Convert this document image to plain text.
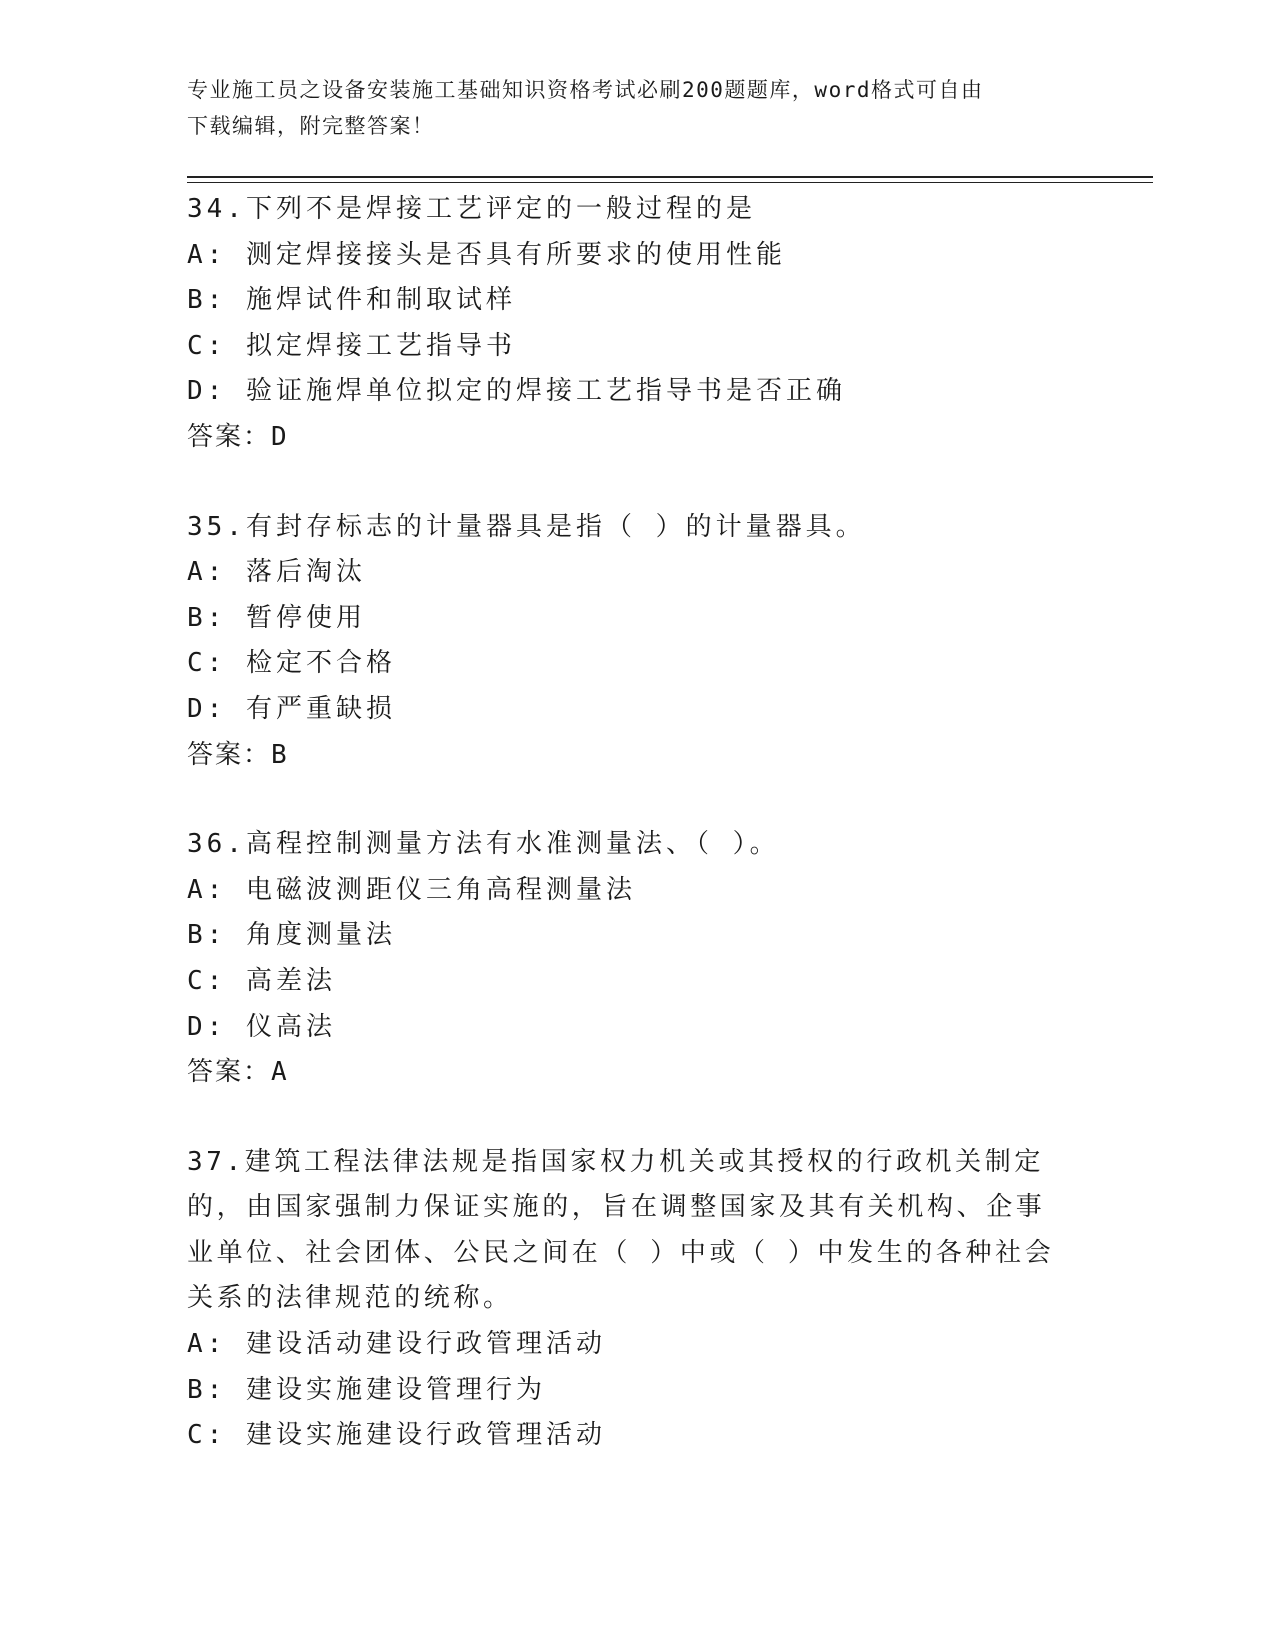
专业施工员之设备安装施工基础知识资格考试必刷200题题库，word格式可自由
下载编辑，附完整答案！
34.下列不是焊接工艺评定的一般过程的是
A: 测定焊接接头是否具有所要求的使用性能
B: 施焊试件和制取试样
C: 拟定焊接工艺指导书
D: 验证施焊单位拟定的焊接工艺指导书是否正确
答案：D
35.有封存标志的计量器具是指（ ）的计量器具。
A: 落后淘汰
B: 暂停使用
C: 检定不合格
D: 有严重缺损
答案：B
36.高程控制测量方法有水准测量法、（ ）。
A: 电磁波测距仪三角高程测量法
B: 角度测量法
C: 高差法
D: 仪高法
答案：A
37.建筑工程法律法规是指国家权力机关或其授权的行政机关制定的，由国家强制力保证实施的，旨在调整国家及其有关机构、企事业单位、社会团体、公民之间在（ ）中或（ ）中发生的各种社会关系的法律规范的统称。
A: 建设活动建设行政管理活动
B: 建设实施建设管理行为
C: 建设实施建设行政管理活动
